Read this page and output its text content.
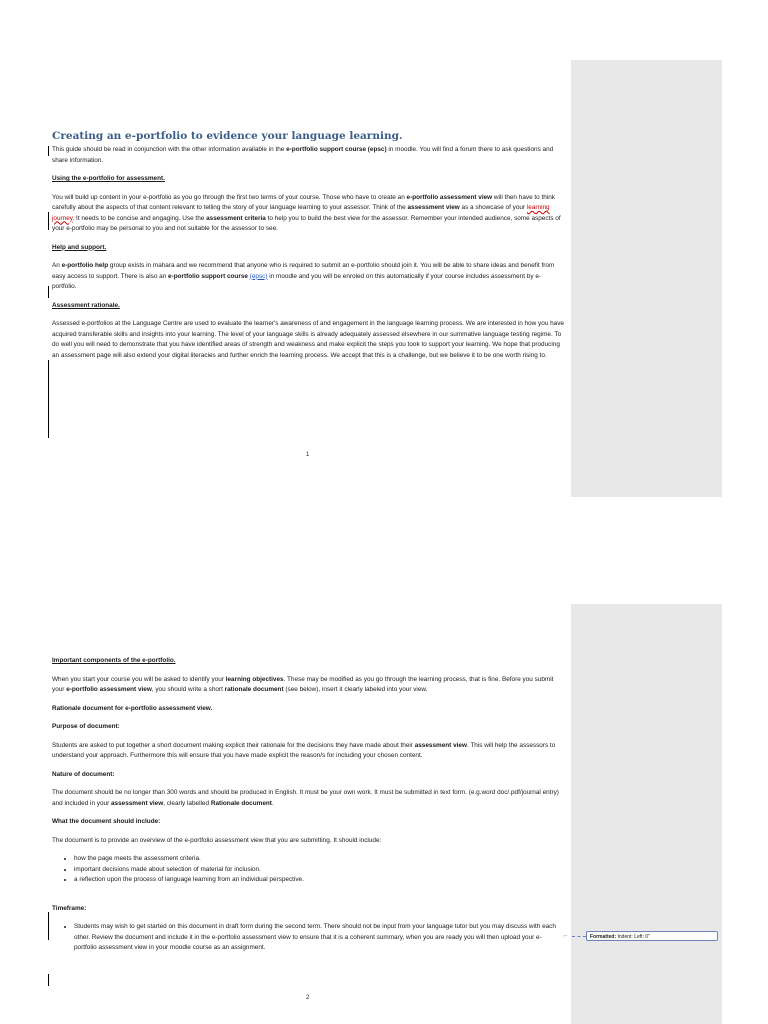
Creating an e-portfolio to evidence your language learning.

This guide should be read in conjunction with the other information available in the e-portfolio support course (epsc) in moodle. You will find a forum there to ask questions and share information.

Using the e-portfolio for assessment.

You will build up content in your e-portfolio as you go through the first two terms of your course. Those who have to create an e-portfolio assessment view will then have to think carefully about the aspects of that content relevant to telling the story of your language learning to your assessor. Think of the assessment view as a showcase of your learning journey. It needs to be concise and engaging. Use the assessment criteria to help you to build the best view for the assessor. Remember your intended audience, some aspects of your e-portfolio may be personal to you and not suitable for the assessor to see.

Help and support.

An e-portfolio help group exists in mahara and we recommend that anyone who is required to submit an e-portfolio should join it. You will be able to share ideas and benefit from easy access to support. There is also an e-portfolio support course (epsc) in moodle and you will be enroled on this automatically if your course includes assessment by e-portfolio.

Assessment rationale.

Assessed e-portfolios at the Language Centre are used to evaluate the learner's awareness of and engagement in the language learning process. We are interested in how you have acquired transferable skills and insights into your learning. The level of your language skills is already adequately assessed elsewhere in our summative language testing regime. To do well you will need to demonstrate that you have identified areas of strength and weakness and make explicit the steps you took to support your learning. We hope that producing an assessment page will also extend your digital literacies and further enrich the learning process. We accept that this is a challenge, but we believe it to be one worth rising to.

1
Important components of the e-portfolio.

When you start your course you will be asked to identify your learning objectives. These may be modified as you go through the learning process, that is fine. Before you submit your e-portfolio assessment view, you should write a short rationale document (see below), insert it clearly labeled into your view.

Rationale document for e-portfolio assessment view.
Purpose of document:

Students are asked to put together a short document making explicit their rationale for the decisions they have made about their assessment view. This will help the assessors to understand your approach. Furthermore this will ensure that you have made explicit the reason/s for including your chosen content.

Nature of document:

The document should be no longer than 300 words and should be produced in English. It must be your own work. It must be submitted in text form. (e.g.word doc/.pdf/journal entry) and included in your assessment view, clearly labelled Rationale document.

What the document should include:

The document is to provide an overview of the e-portfolio assessment view that you are submitting. It should include:

• how the page meets the assessment criteria.
• important decisions made about selection of material for inclusion.
• a reflection upon the process of language learning from an individual perspective.
Timeframe:
• Students may wish to get started on this document in draft form during the second term. There should not be input from your language tutor but you may discuss with each other. Review the document and include it in the e-portfolio assessment view to ensure that it is a coherent summary, when you are ready you will then upload your e-portfolio assessment view in your moodle course as an assignment.
2
←	Formatted: Indent: Left: 0"
